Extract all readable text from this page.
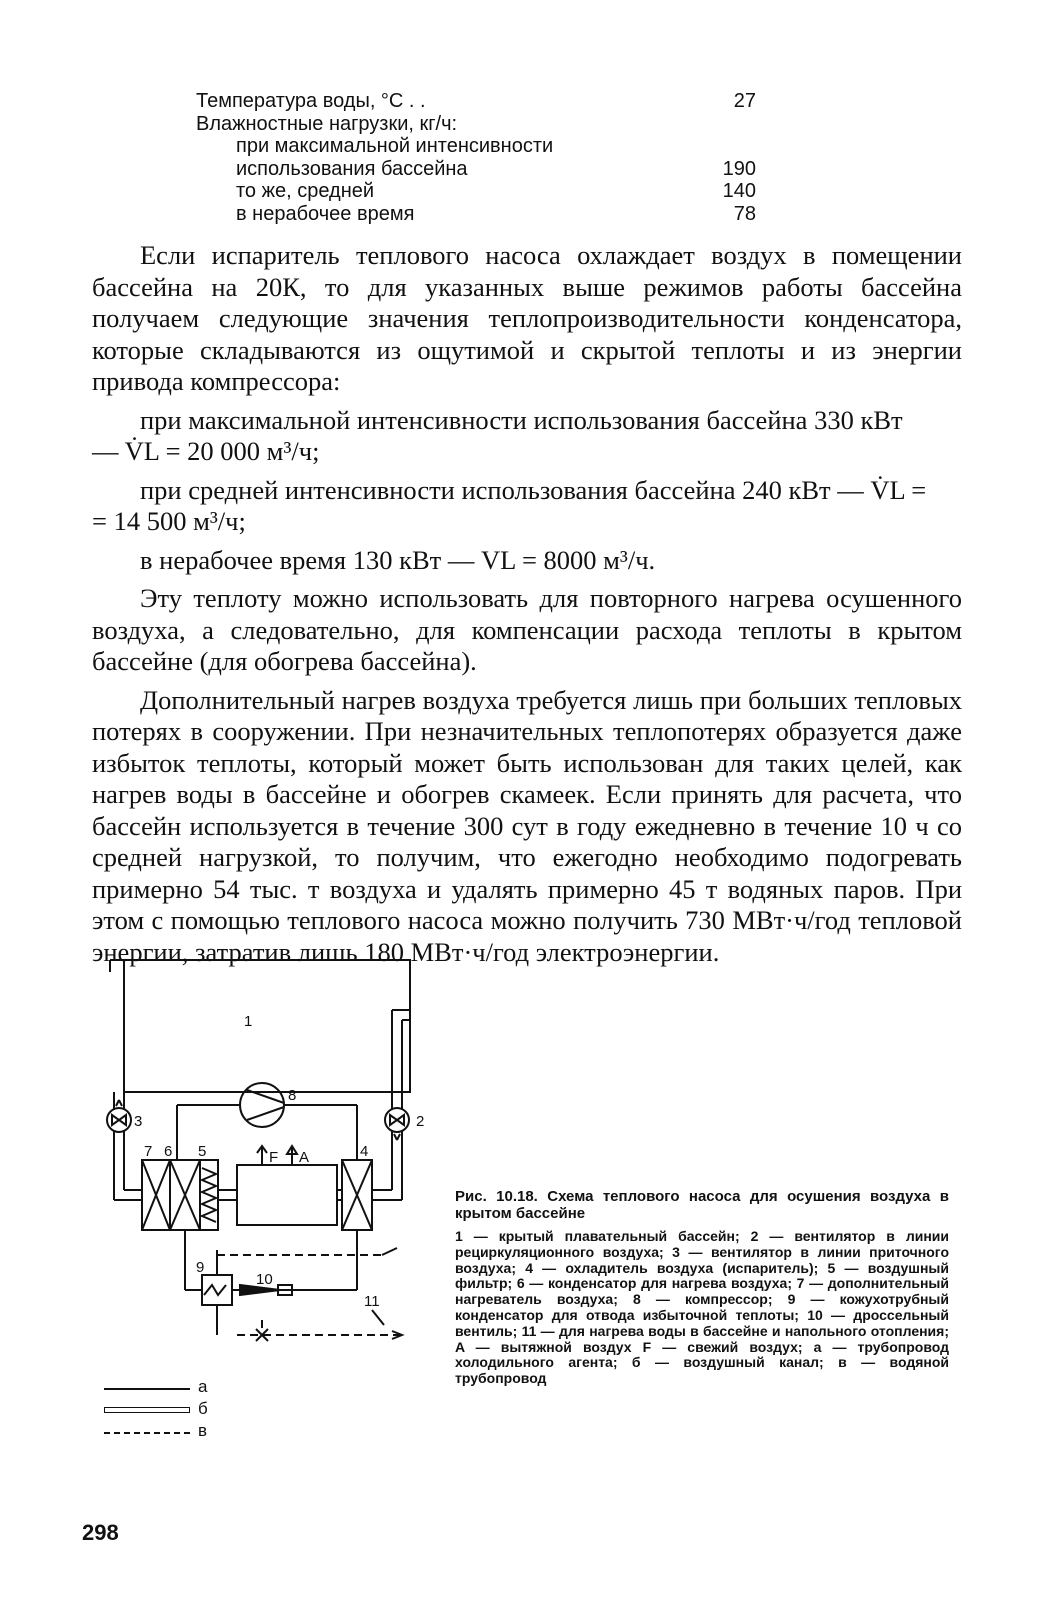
Температура воды, °C . .	27
Влажностные нагрузки, кг/ч:
при максимальной интенсивности
использования бассейна	190
то же, средней	140
в нерабочее время	78

Если испаритель теплового насоса охлаждает воздух в помещении бассейна на 20К, то для указанных выше режимов работы бассейна получаем следующие значения теплопроизводительности конденсатора, которые складываются из ощутимой и скрытой теплоты и из энергии привода компрессора:

при максимальной интенсивности использования бассейна 330 кВт
— V̇L = 20 000 м³/ч;

при средней интенсивности использования бассейна 240 кВт — V̇L =
= 14 500 м³/ч;

в нерабочее время 130 кВт — VL = 8000 м³/ч.

Эту теплоту можно использовать для повторного нагрева осушенного воздуха, а следовательно, для компенсации расхода теплоты в крытом бассейне (для обогрева бассейна).

Дополнительный нагрев воздуха требуется лишь при больших тепловых потерях в сооружении. При незначительных теплопотерях образуется даже избыток теплоты, который может быть использован для таких целей, как нагрев воды в бассейне и обогрев скамеек. Если принять для расчета, что бассейн используется в течение 300 сут в году ежедневно в течение 10 ч со средней нагрузкой, то получим, что ежегодно необходимо подогревать примерно 54 тыс. т воздуха и удалять примерно 45 т водяных паров. При этом с помощью теплового насоса можно получить 730 МВт·ч/год тепловой энергии, затратив лишь 180 МВт·ч/год электроэнергии.

1
3	2
8
7 6 5	F A	4
9
10
11
а
б
в
Рис. 10.18. Схема теплового насоса для осушения воздуха в крытом бассейне
1 — крытый плавательный бассейн; 2 — вентилятор в линии рециркуляционного воздуха; 3 — вентилятор в линии приточного воздуха; 4 — охладитель воздуха (испаритель); 5 — воздушный фильтр; 6 — конденсатор для нагрева воздуха; 7 — дополнительный нагреватель воздуха; 8 — компрессор; 9 — кожухотрубный конденсатор для отвода избыточной теплоты; 10 — дроссельный вентиль; 11 — для нагрева воды в бассейне и напольного отопления; A — вытяжной воздух F — свежий воздух; а — трубопровод холодильного агента; б — воздушный канал; в — водяной трубопровод
298
